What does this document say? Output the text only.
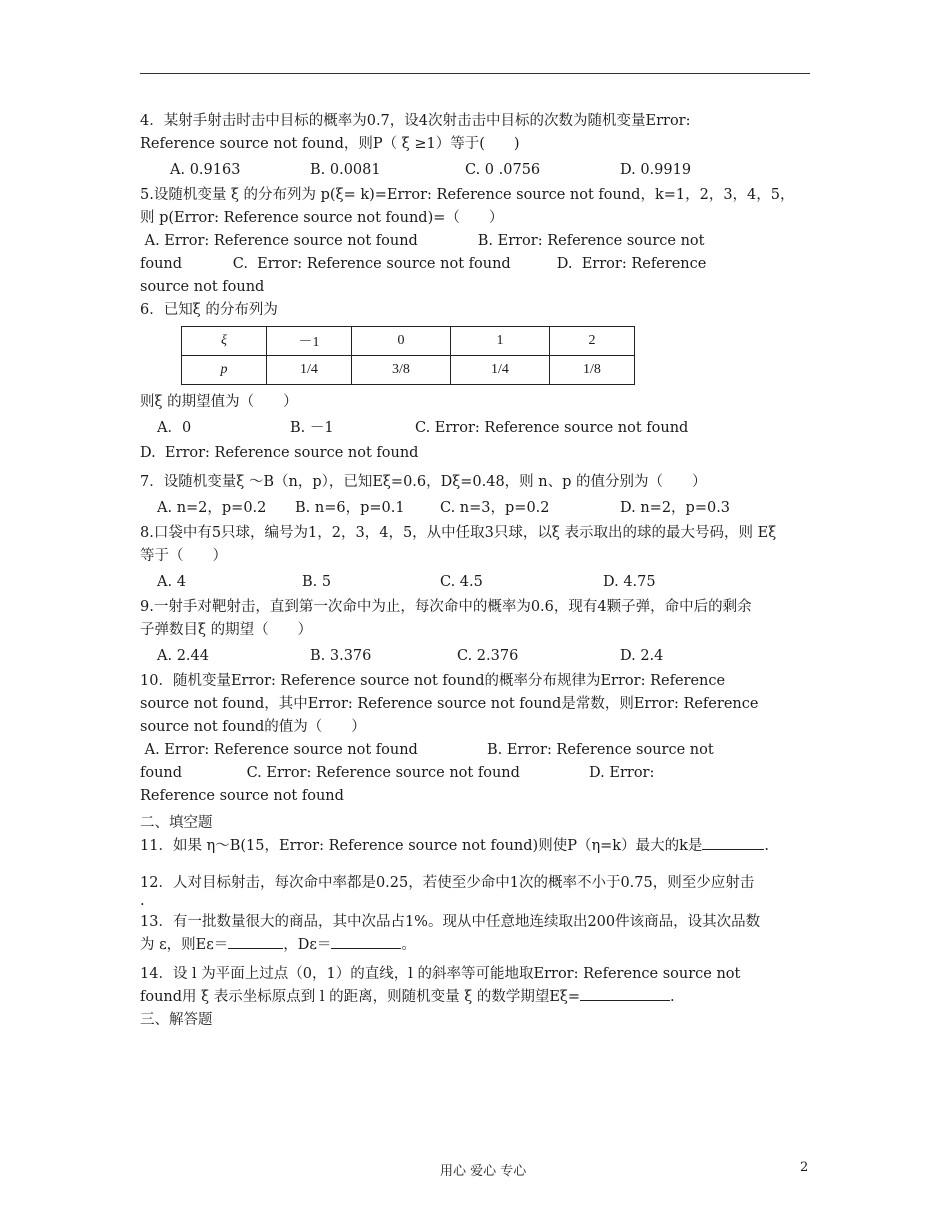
4．某射手射击时击中目标的概率为0.7，设4次射击击中目标的次数为随机变量Error:
Reference source not found，则P（ ξ ≥1）等于(　　)
A. 0.9163	B. 0.0081	C. 0 .0756	D. 0.9919
5.设随机变量 ξ 的分布列为 p(ξ= k)=Error: Reference source not found，k=1，2，3，4，5，
则 p(Error: Reference source not found)=（　　）
A. Error: Reference source not found             B. Error: Reference source not
found           C.  Error: Reference source not found          D.  Error: Reference
source not found
6．已知ξ 的分布列为
ξ	－1	0	1	2
p	1/4	3/8	1/4	1/8
则ξ 的期望值为（　　）
A．0	B. －1	C. Error: Reference source not found
D.  Error: Reference source not found
7．设随机变量ξ ～B（n，p），已知Eξ=0.6，Dξ=0.48，则 n、p 的值分别为（　　）
A. n=2，p=0.2 B. n=6，p=0.1 C. n=3，p=0.2	D. n=2，p=0.3
8.口袋中有5只球，编号为1，2，3，4，5，从中任取3只球，以ξ 表示取出的球的最大号码，则 Eξ
等于（　　）
A. 4	B. 5	C. 4.5	D. 4.75
9.一射手对靶射击，直到第一次命中为止，每次命中的概率为0.6，现有4颗子弹，命中后的剩余
子弹数目ξ 的期望（　　）
A. 2.44	B. 3.376	C. 2.376	D. 2.4
10．随机变量Error: Reference source not found的概率分布规律为Error: Reference
source not found，其中Error: Reference source not found是常数，则Error: Reference
source not found的值为（　　）
A. Error: Reference source not found               B. Error: Reference source not
found              C. Error: Reference source not found               D. Error:
Reference source not found
二、填空题
11．如果 η～B(15，Error: Reference source not found)则使P（η=k）最大的k是	.
12．人对目标射击，每次命中率都是0.25，若使至少命中1次的概率不小于0.75，则至少应射击
.
13．有一批数量很大的商品，其中次品占1%。现从中任意地连续取出200件该商品，设其次品数
为 ε，则Eε＝	，Dε＝	。
14．设 l 为平面上过点（0，1）的直线，l 的斜率等可能地取Error: Reference source not
found用 ξ 表示坐标原点到 l 的距离，则随机变量 ξ 的数学期望Eξ=	.
三、解答题
用心 爱心 专心	2
